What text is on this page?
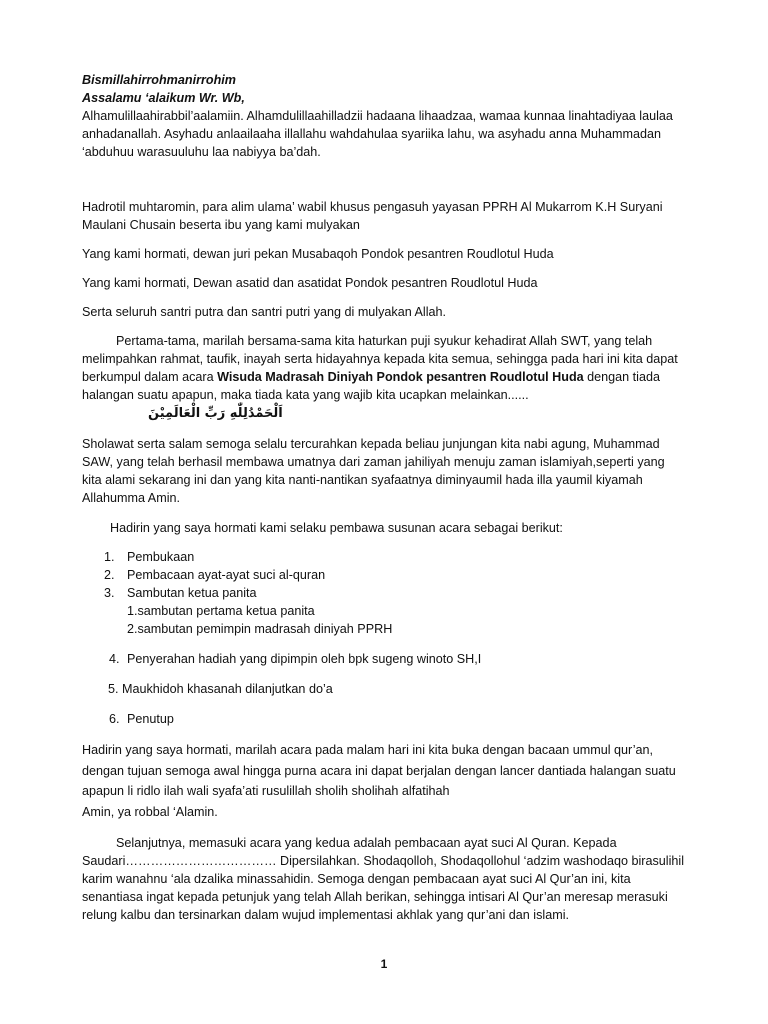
Bismillahirrohmanirrohim

Assalamu ‘alaikum Wr. Wb,

Alhamulillaahirabbil’aalamiin. Alhamdulillaahilladzii hadaana lihaadzaa, wamaa kunnaa linahtadiyaa laulaa anhadanallah. Asyhadu anlaailaaha illallahu wahdahulaa syariika lahu, wa asyhadu anna Muhammadan ‘abduhuu warasuuluhu laa nabiyya ba’dah.

Hadrotil muhtaromin, para alim ulama’ wabil khusus pengasuh yayasan PPRH Al Mukarrom K.H Suryani Maulani Chusain beserta ibu yang kami mulyakan

Yang kami hormati, dewan juri pekan Musabaqoh Pondok pesantren Roudlotul Huda

Yang kami hormati, Dewan asatid dan asatidat Pondok pesantren Roudlotul Huda

Serta seluruh santri putra dan santri putri yang di mulyakan Allah.

Pertama-tama, marilah bersama-sama kita haturkan puji syukur kehadirat Allah SWT, yang telah melimpahkan rahmat, taufik, inayah serta hidayahnya kepada kita semua, sehingga pada hari ini kita dapat berkumpul dalam acara Wisuda Madrasah Diniyah Pondok pesantren Roudlotul Huda dengan tiada halangan suatu apapun, maka tiada kata yang wajib kita ucapkan melainkan......اَلْحَمْدُلِلّٰهِ رَبِّ الْعَالَمِيْنَ

Sholawat serta salam semoga selalu tercurahkan kepada beliau junjungan kita nabi agung, Muhammad SAW, yang telah berhasil membawa umatnya dari zaman jahiliyah menuju zaman islamiyah,seperti yang kita alami sekarang ini dan yang kita nanti-nantikan syafaatnya diminyaumil hada illa yaumil kiyamah Allahumma Amin.

Hadirin yang saya hormati kami selaku pembawa susunan acara sebagai berikut:

1. Pembukaan
2. Pembacaan ayat-ayat suci al-quran
3. Sambutan ketua panita

1.sambutan pertama ketua panita

2.sambutan pemimpin madrasah diniyah PPRH

4. Penyerahan hadiah yang dipimpin oleh bpk sugeng winoto SH,I

5. Maukhidoh khasanah dilanjutkan do’a

6. Penutup

Hadirin yang saya hormati, marilah acara pada malam hari ini kita buka dengan bacaan ummul qur’an, dengan tujuan semoga awal hingga purna acara ini dapat berjalan dengan lancer dantiada halangan suatu apapun li ridlo ilah wali syafa’ati rusulillah sholih sholihah alfatihah

Amin, ya robbal ‘Alamin.

Selanjutnya, memasuki acara yang kedua adalah pembacaan ayat suci Al Quran. Kepada Saudari……………………………… Dipersilahkan. Shodaqolloh, Shodaqollohul ‘adzim washodaqo birasulihil karim wanahnu ‘ala dzalika minassahidin. Semoga dengan pembacaan ayat suci Al Qur’an ini, kita senantiasa ingat kepada petunjuk yang telah Allah berikan, sehingga intisari Al Qur’an meresap merasuki relung kalbu dan tersinarkan dalam wujud implementasi akhlak yang qur’ani dan islami.

1
